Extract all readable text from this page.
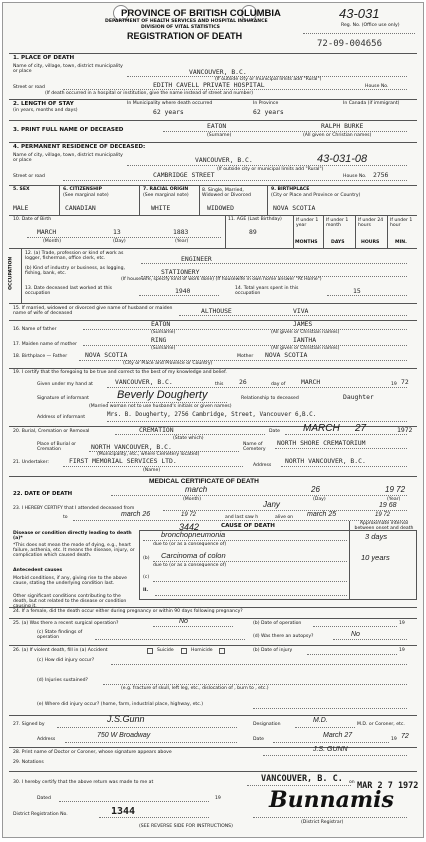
PROVINCE OF BRITISH COLUMBIA
DEPARTMENT OF HEALTH SERVICES AND HOSPITAL INSURANCE
DIVISION OF VITAL STATISTICS
REGISTRATION OF DEATH
43-031
Reg. No. (Office use only)
72-09-004656
1. PLACE OF DEATH
Name of city, village, town, district municipality or place	VANCOUVER, B.C.
(If outside city or municipal limits add "Rural")
Street or road	EDITH CAVELL PRIVATE HOSPITAL	House No.
(If death occurred in a hospital or institution, give the name instead of street and number)
2. LENGTH OF STAY
(in years, months and days)
In Municipality where death occurred
62 years
In Province
62 years
In Canada (if immigrant)
3. PRINT FULL NAME OF DECEASED	EATON	RALPH BURKE
(Surname)	(All given or Christian names)
4. PERMANENT RESIDENCE OF DECEASED:
Name of city, village, town, district municipality or place	VANCOUVER, B.C.	43-031-08
(If outside city or municipal limits add "Rural")
Street or road	CAMBRIDGE STREET	House No. 2756
5. SEX
MALE
6. CITIZENSHIP
(See marginal note)
CANADIAN
7. RACIAL ORIGIN
(See marginal note)
WHITE
8. Single, Married, Widowed or Divorced
WIDOWED
9. BIRTHPLACE
(City or Place and Province or Country)
NOVA SCOTIA
10. Date of Birth
MARCH	13	1883
(Month)	(Day)	(Year)
11. AGE (Last Birthday)
89
If under 1 year
If under 1 month
If under 24 hours
If under 1 hour
MONTHS	DAYS	HOURS	MIN.
OCCUPATION
12. (a) Trade, profession or kind of work as logger, fisherman, office clerk, etc.	ENGINEER
(b) Kind of industry or business, as logging, fishing, bank, etc.	STATIONERY
(If housewife, specify kind of work done) (If housewife in own home answer "At Home")
13. Date deceased last worked at this occupation	1940	14. Total years spent in this occupation	15
15. If married, widowed or divorced give name of husband or maiden name of wife of deceased	ALTHOUSE	VIVA
16. Name of father
EATON	JAMES
(Surname)	(All given or Christian names)
17. Maiden name of mother
RING	IANTHA
(Surname)	(All given or Christian names)
18. Birthplace — Father	NOVA SCOTIA	Mother NOVA SCOTIA
(City or Place and Province or Country)
19. I certify that the foregoing to be true and correct to the best of my knowledge and belief.
Given under my hand at	VANCOUVER, B.C.	this 26	day of MARCH	19 72
Signature of informant	Beverly Dougherty
(Married woman not to use husband's initials or given names)
Relationship to deceased	Daughter
Address of informant	Mrs. B. Dougherty, 2756 Cambridge, Street, Vancouver 6,B.C.
20. Burial, Cremation or Removal	CREMATION
(State which)
Date MARCH 27	1972
Place of Burial or Cremation	NORTH VANCOUVER, B.C.
(Municipality, etc., where Cemetery located)
Name of Cemetery
NORTH SHORE CREMATORIUM
21. Undertaker:	FIRST MEMORIAL SERVICES LTD.
(Name)
Address
NORTH VANCOUVER, B.C.
MEDICAL CERTIFICATE OF DEATH
22. DATE OF DEATH	march	26	19 72
(Month)	(Day)	(Year)
23. I HEREBY CERTIFY that I attended deceased from	Jany	19 68
to	march 26	19 72	and last saw h	alive on march 25	19 72
3442	CAUSE OF DEATH	Approximate interval between onset and death
Disease or condition directly leading to death (a)*
*This does not mean the mode of dying, e.g., heart failure, asthenia, etc. It means the disease, injury, or complication which caused death.
Antecedent causes
Morbid conditions, if any, giving rise to the above cause, stating the underlying condition last.
Other significant conditions contributing to the death, but not related to the disease or condition causing it.
bronchopneumonia	3 days
due to (or as a consequence of)
(b) Carcinoma of colon	10 years
due to (or as a consequence of)
(c)
II.
24. If a female, did the death occur either during pregnancy or within 90 days following pregnancy?
25. (a) Was there a recent surgical operation?	No	(b) Date of operation	19
(c) State findings of operation	(d) Was there an autopsy?	No
26. (a) If violent death, fill in (a) Accident	Suicide	Homicide	(b) Date of injury	19
(c) How did injury occur?
(d) Injuries sustained?
(e.g. fracture of skull, left leg, etc., dislocation of , burn to , etc.)
(e) Where did injury occur? (home, farm, industrial place, highway, etc.)
27. Signed by
J.S.Gunn
Designation
M.D.
M.D. or Coroner, etc.
Address
750 W Broadway
Date
March 27
19 72
28. Print name of Doctor or Coroner, whose signature appears above	J.S. GUNN
29. Notations
30. I hereby certify that the above return was made to me at	VANCOUVER, B. C. on MAR 2 7 1972
Dated	19
District Registration No.	1344	Bunnamis
(SEE REVERSE SIDE FOR INSTRUCTIONS)
(District Registrar)
